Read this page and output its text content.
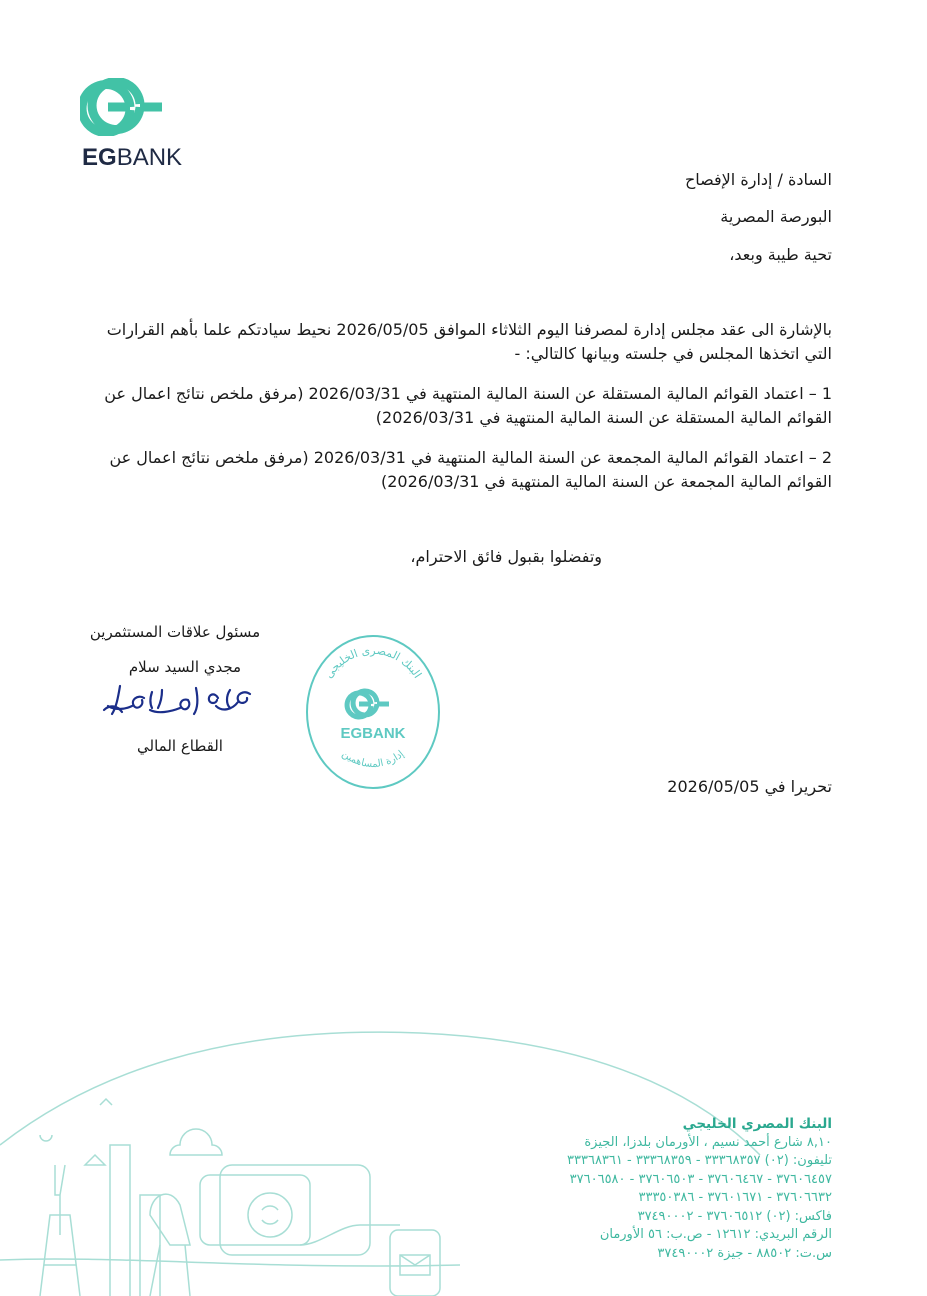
EGBANK
السادة / إدارة الإفصاح
البورصة المصرية
تحية طيبة وبعد،
بالإشارة الى عقد مجلس إدارة لمصرفنا اليوم الثلاثاء الموافق 2026/05/05 نحيط سيادتكم علما بأهم القرارات التي اتخذها المجلس في جلسته وبيانها كالتالي: -
1 – اعتماد القوائم المالية المستقلة عن السنة المالية المنتهية في 2026/03/31 (مرفق ملخص نتائج اعمال عن القوائم المالية المستقلة عن السنة المالية المنتهية في 2026/03/31)
2 – اعتماد القوائم المالية المجمعة عن السنة المالية المنتهية في 2026/03/31 (مرفق ملخص نتائج اعمال عن القوائم المالية المجمعة عن السنة المالية المنتهية في 2026/03/31)
وتفضلوا بقبول فائق الاحترام،
مسئول علاقات المستثمرين
مجدي السيد سلام
القطاع المالي
البنك المصرى الخليجى
EGBANK
إدارة المساهمين
تحريرا في 2026/05/05
البنك المصري الخليجي
٨,١٠ شارع أحمد نسيم ، الأورمان بلدزا، الجيزة
تليفون: (٠٢) ٣٣٣٦٨٣٥٧ - ٣٣٣٦٨٣٥٩ - ٣٣٣٦٨٣٦١
٣٧٦٠٦٤٥٧ - ٣٧٦٠٦٤٦٧ - ٣٧٦٠٦٥٠٣ - ٣٧٦٠٦٥٨٠
٣٧٦٠٦٦٣٢ - ٣٧٦٠١٦٧١ - ٣٣٣٥٠٣٨٦
فاكس: (٠٢) ٣٧٦٠٦٥١٢ - ٣٧٤٩٠٠٠٢
الرقم البريدي: ١٢٦١٢ - ص.ب: ٥٦ الأورمان
س.ت: ٨٨٥٠٢ - جيزة ٣٧٤٩٠٠٠٢
